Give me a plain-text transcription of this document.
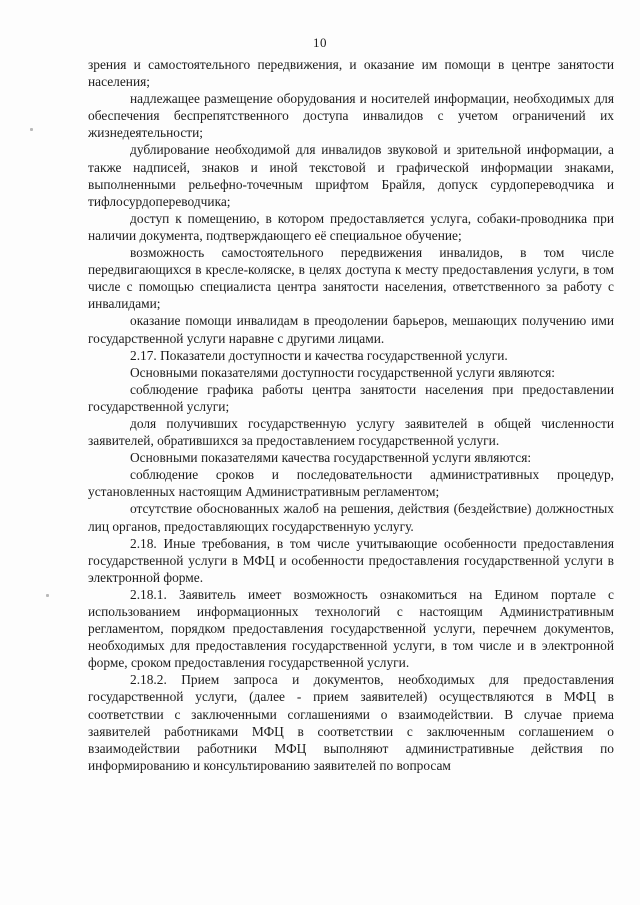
10

зрения и самостоятельного передвижения, и оказание им помощи в центре занятости населения;

надлежащее размещение оборудования и носителей информации, необходимых для обеспечения беспрепятственного доступа инвалидов с учетом ограничений их жизнедеятельности;

дублирование необходимой для инвалидов звуковой и зрительной информации, а также надписей, знаков и иной текстовой и графической информации знаками, выполненными рельефно-точечным шрифтом Брайля, допуск сурдопереводчика и тифлосурдопереводчика;

доступ к помещению, в котором предоставляется услуга, собаки-проводника при наличии документа, подтверждающего её специальное обучение;

возможность самостоятельного передвижения инвалидов, в том числе передвигающихся в кресле-коляске, в целях доступа к месту предоставления услуги, в том числе с помощью специалиста центра занятости населения, ответственного за работу с инвалидами;

оказание помощи инвалидам в преодолении барьеров, мешающих получению ими государственной услуги наравне с другими лицами.

2.17. Показатели доступности и качества государственной услуги.

Основными показателями доступности государственной услуги являются:

соблюдение графика работы центра занятости населения при предоставлении государственной услуги;

доля получивших государственную услугу заявителей в общей численности заявителей, обратившихся за предоставлением государственной услуги.

Основными показателями качества государственной услуги являются:

соблюдение сроков и последовательности административных процедур, установленных настоящим Административным регламентом;

отсутствие обоснованных жалоб на решения, действия (бездействие) должностных лиц органов, предоставляющих государственную услугу.

2.18. Иные требования, в том числе учитывающие особенности предоставления государственной услуги в МФЦ и особенности предоставления государственной услуги в электронной форме.

2.18.1. Заявитель имеет возможность ознакомиться на Едином портале с использованием информационных технологий с настоящим Административным регламентом, порядком предоставления государственной услуги, перечнем документов, необходимых для предоставления государственной услуги, в том числе и в электронной форме, сроком предоставления государственной услуги.

2.18.2. Прием запроса и документов, необходимых для предоставления государственной услуги, (далее - прием заявителей) осуществляются в МФЦ в соответствии с заключенными соглашениями о взаимодействии. В случае приема заявителей работниками МФЦ в соответствии с заключенным соглашением о взаимодействии работники МФЦ выполняют административные действия по информированию и консультированию заявителей по вопросам
